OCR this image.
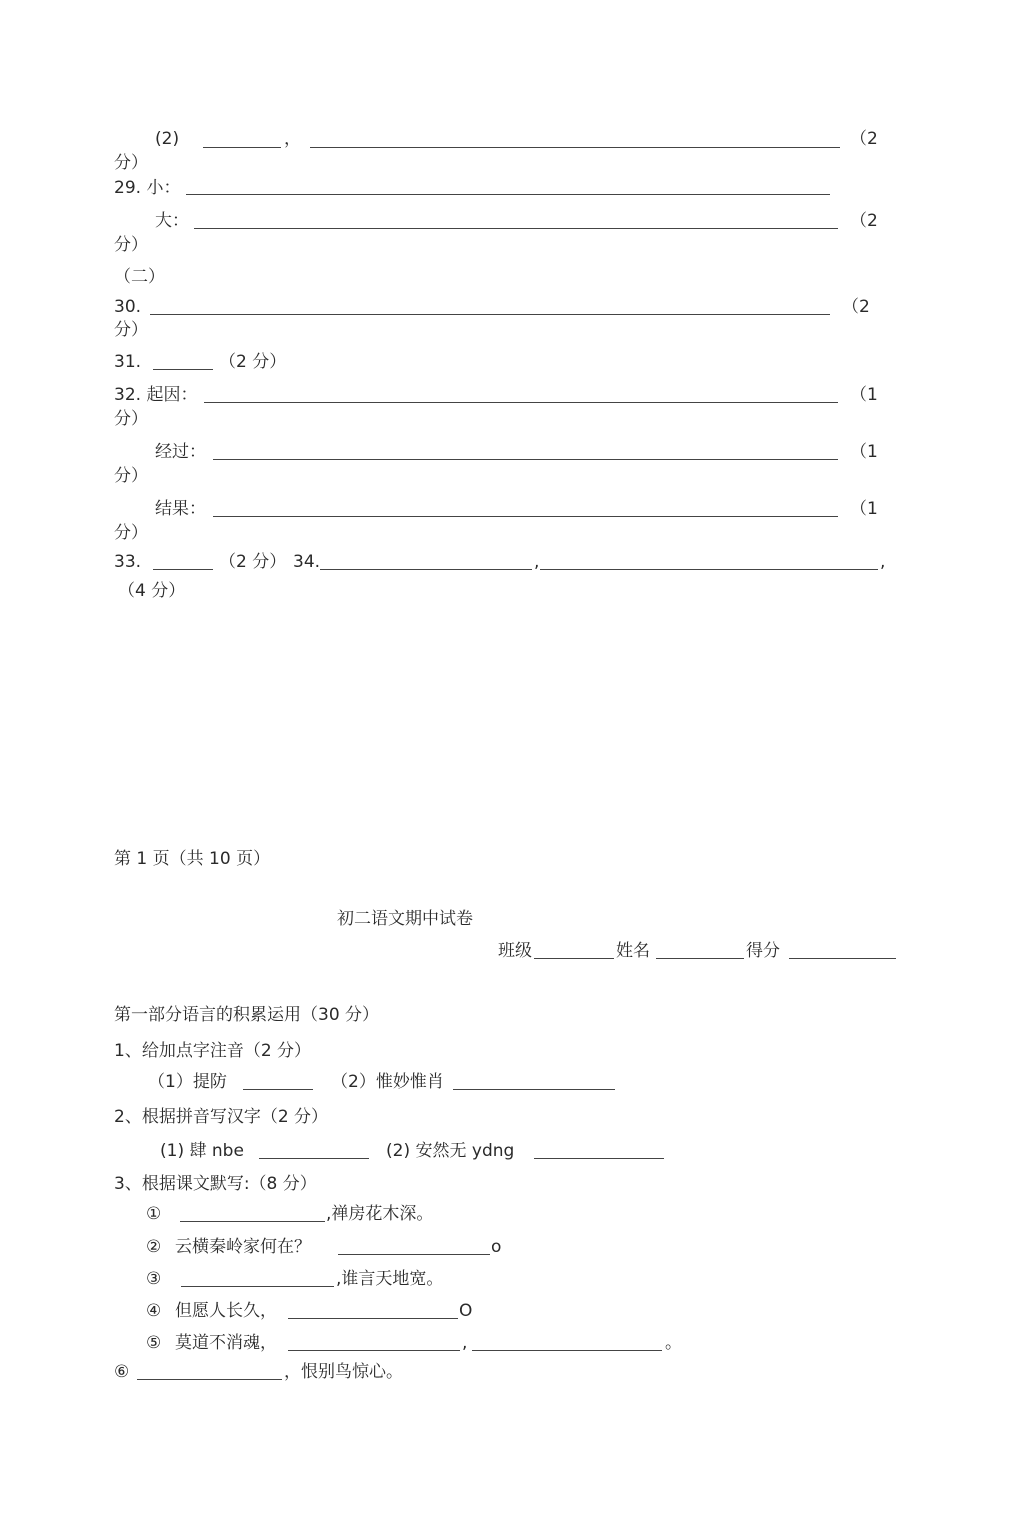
(2)	，	（2
分）
29. 小：
大：	（2
分）
（二）
30.	（2
分）
31.	（2 分）
32. 起因：	（1
分）
经过：	（1
分）
结果：	（1
分）
33.	（2 分） 34.	,	,
（4 分）
第 1 页（共 10 页）
初二语文期中试卷
班级	姓名	得分
第一部分语言的积累运用（30 分）
1、给加点字注音（2 分）
（1）提防	（2）惟妙惟肖
2、根据拼音写汉字（2 分）
(1) 肆 nbe	(2) 安然无 ydng
3、根据课文默写:（8 分）
①	,禅房花木深。
② 云横秦岭家何在？	o
③	,谁言天地宽。
④ 但愿人长久，	O
⑤ 莫道不消魂，	,	。
⑥	，恨别鸟惊心。
